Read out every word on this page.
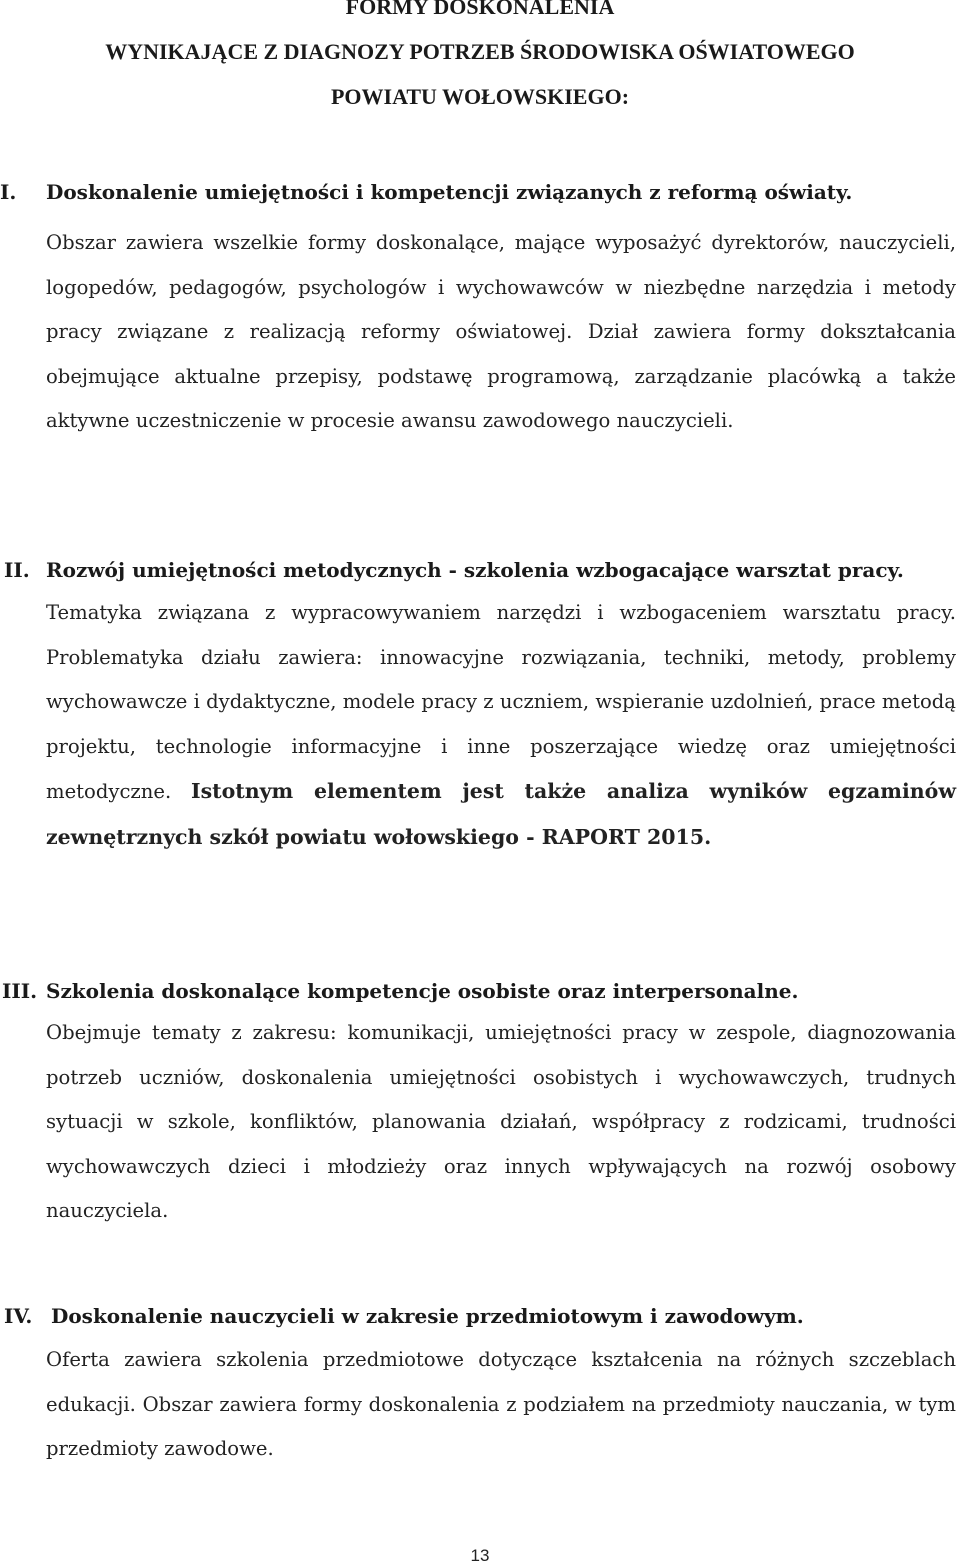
FORMY DOSKONALENIA
WYNIKAJĄCE Z DIAGNOZY POTRZEB ŚRODOWISKA OŚWIATOWEGO
POWIATU WOŁOWSKIEGO:
I. Doskonalenie umiejętności i kompetencji związanych z reformą oświaty.
Obszar zawiera wszelkie formy doskonalące, mające wyposażyć dyrektorów, nauczycieli, logopedów, pedagogów, psychologów i wychowawców w niezbędne narzędzia i metody pracy związane z realizacją reformy oświatowej. Dział zawiera formy dokształcania obejmujące aktualne przepisy, podstawę programową, zarządzanie placówką a także aktywne uczestniczenie w procesie awansu zawodowego nauczycieli.
II. Rozwój umiejętności metodycznych - szkolenia wzbogacające warsztat pracy.
Tematyka związana z wypracowywaniem narzędzi i wzbogaceniem warsztatu pracy. Problematyka działu zawiera: innowacyjne rozwiązania, techniki, metody, problemy wychowawcze i dydaktyczne, modele pracy z uczniem, wspieranie uzdolnień, prace metodą projektu, technologie informacyjne i inne poszerzające wiedzę oraz umiejętności metodyczne. Istotnym elementem jest także analiza wyników egzaminów zewnętrznych szkół powiatu wołowskiego - RAPORT 2015.
III. Szkolenia doskonalące kompetencje osobiste oraz interpersonalne.
Obejmuje tematy z zakresu: komunikacji, umiejętności pracy w zespole, diagnozowania potrzeb uczniów, doskonalenia umiejętności osobistych i wychowawczych, trudnych sytuacji w szkole, konfliktów, planowania działań, współpracy z rodzicami, trudności wychowawczych dzieci i młodzieży oraz innych wpływających na rozwój osobowy nauczyciela.
IV. Doskonalenie nauczycieli w zakresie przedmiotowym i zawodowym.
Oferta zawiera szkolenia przedmiotowe dotyczące kształcenia na różnych szczeblach edukacji. Obszar zawiera formy doskonalenia z podziałem na przedmioty nauczania, w tym przedmioty zawodowe.
13
